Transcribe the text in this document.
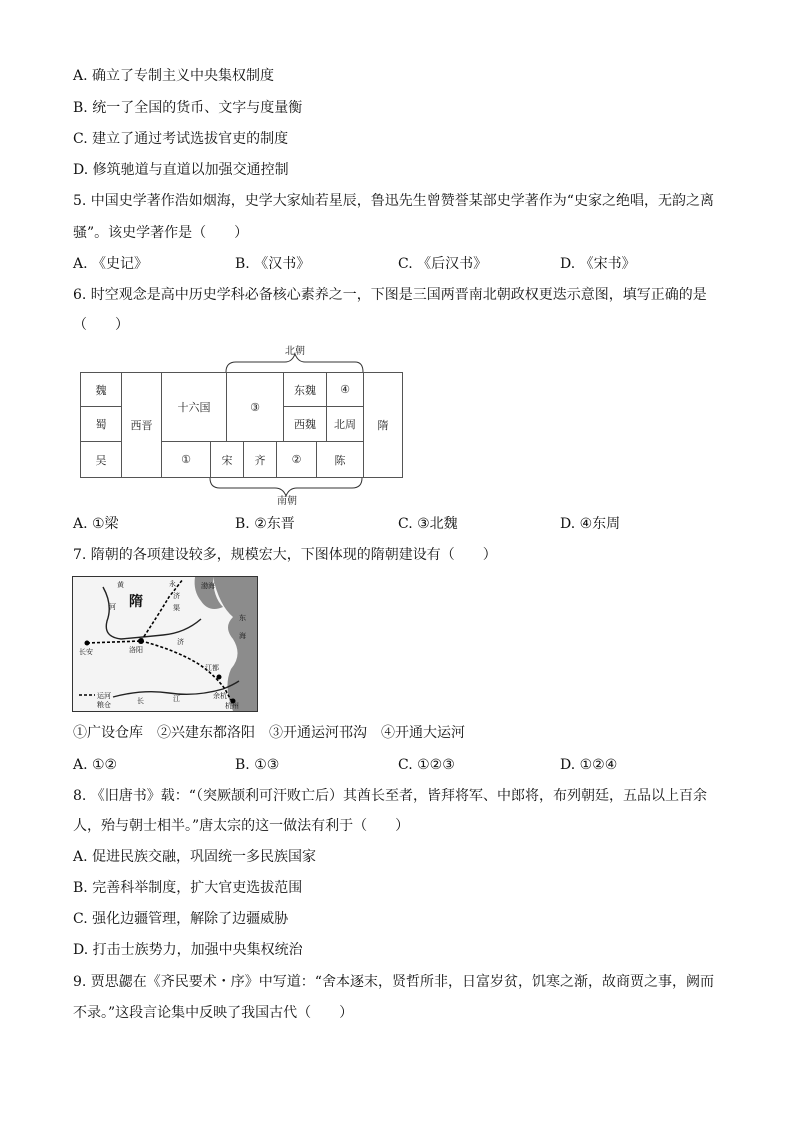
A. 确立了专制主义中央集权制度
B. 统一了全国的货币、文字与度量衡
C. 建立了通过考试选拔官吏的制度
D. 修筑驰道与直道以加强交通控制
5. 中国史学著作浩如烟海，史学大家灿若星辰，鲁迅先生曾赞誉某部史学著作为“史家之绝唱，无韵之离
骚”。该史学著作是（　　）
A. 《史记》	B. 《汉书》	C. 《后汉书》	D. 《宋书》
6. 时空观念是高中历史学科必备核心素养之一，下图是三国两晋南北朝政权更迭示意图，填写正确的是
（　　）
北朝
南朝
魏
蜀
吴
西晋
十六国	③
东魏	④
西魏	北周
①	宋	齐	②	陈
隋
A. ①梁	B. ②东晋	C. ③北魏	D. ④东周
7. 隋朝的各项建设较多，规模宏大，下图体现的隋朝建设有（　　）
黄
河
永
济
渠
渤海
东
海
长安	洛阳
济
江都
长	江	余杭
杭州
运河
粮仓
隋
①广设仓库　②兴建东都洛阳　③开通运河邗沟　④开通大运河
A. ①②	B. ①③	C. ①②③	D. ①②④
8. 《旧唐书》载：“（突厥颉利可汗败亡后）其酋长至者，皆拜将军、中郎将，布列朝廷，五品以上百余
人，殆与朝士相半。”唐太宗的这一做法有利于（　　）
A. 促进民族交融，巩固统一多民族国家
B. 完善科举制度，扩大官吏选拔范围
C. 强化边疆管理，解除了边疆威胁
D. 打击士族势力，加强中央集权统治
9. 贾思勰在《齐民要术・序》中写道：“舍本逐末，贤哲所非，日富岁贫，饥寒之渐，故商贾之事，阙而
不录。”这段言论集中反映了我国古代（　　）
